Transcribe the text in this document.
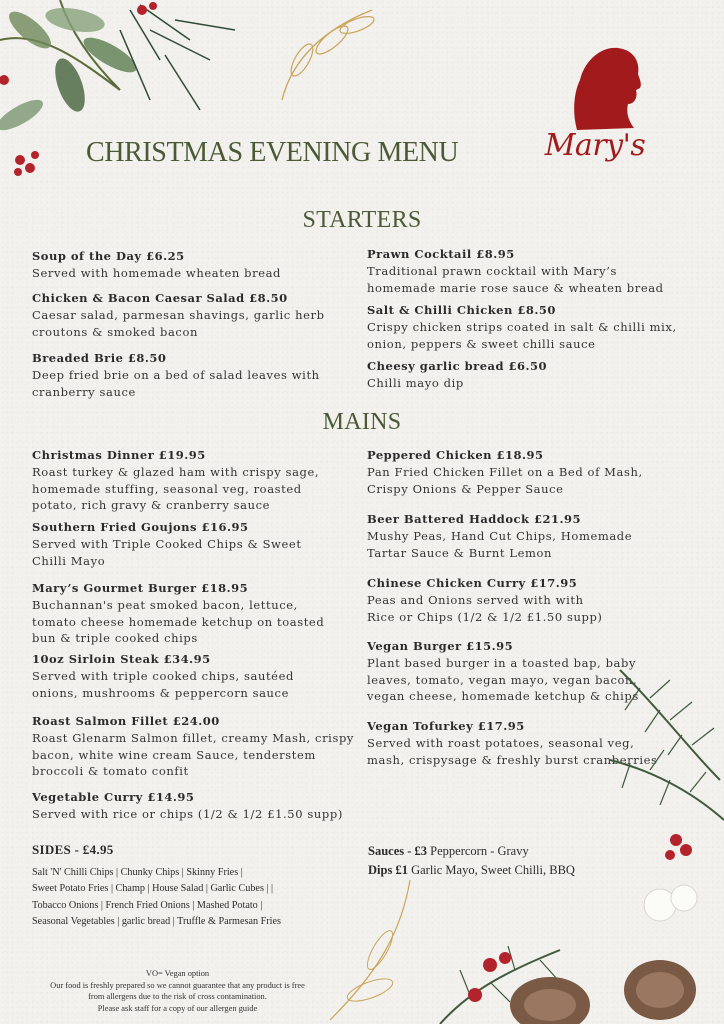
Mary's
CHRISTMAS EVENING MENU
STARTERS
Soup of the Day £6.25
Served with homemade wheaten bread
Chicken & Bacon Caesar Salad £8.50
Caesar salad, parmesan shavings, garlic herb croutons & smoked bacon
Breaded Brie £8.50
Deep fried brie on a bed of salad leaves with cranberry sauce
Prawn Cocktail £8.95
Traditional prawn cocktail with Mary’s homemade marie rose sauce & wheaten bread
Salt & Chilli Chicken £8.50
Crispy chicken strips coated in salt & chilli mix, onion, peppers & sweet chilli sauce
Cheesy garlic bread £6.50
Chilli mayo dip
MAINS
Christmas Dinner £19.95
Roast turkey & glazed ham with crispy sage, homemade stuffing, seasonal veg, roasted potato, rich gravy & cranberry sauce
Southern Fried Goujons £16.95
Served with Triple Cooked Chips & Sweet Chilli Mayo
Mary’s Gourmet Burger £18.95
Buchannan's peat smoked bacon, lettuce, tomato cheese homemade ketchup on toasted bun & triple cooked chips
10oz Sirloin Steak £34.95
Served with triple cooked chips, sautéed onions, mushrooms & peppercorn sauce
Roast Salmon Fillet £24.00
Roast Glenarm Salmon fillet, creamy Mash, crispy bacon, white wine cream Sauce, tenderstem broccoli & tomato confit
Vegetable Curry £14.95
Served with rice or chips (1/2 & 1/2 £1.50 supp)
Peppered Chicken £18.95
Pan Fried Chicken Fillet on a Bed of Mash, Crispy Onions & Pepper Sauce
Beer Battered Haddock £21.95
Mushy Peas, Hand Cut Chips, Homemade Tartar Sauce & Burnt Lemon
Chinese Chicken Curry £17.95
Peas and Onions served with with Rice or Chips (1/2 & 1/2 £1.50 supp)
Vegan Burger £15.95
Plant based burger in a toasted bap, baby leaves, tomato, vegan mayo, vegan bacon, vegan cheese, homemade ketchup & chips
Vegan Tofurkey £17.95
Served with roast potatoes, seasonal veg, mash, crispysage & freshly burst cranberries
SIDES - £4.95
Salt 'N' Chilli Chips | Chunky Chips | Skinny Fries |
Sweet Potato Fries | Champ | House Salad | Garlic Cubes | |
Tobacco Onions | French Fried Onions | Mashed Potato |
Seasonal Vegetables | garlic bread | Truffle & Parmesan Fries
Sauces - £3 Peppercorn - Gravy
Dips £1 Garlic Mayo, Sweet Chilli, BBQ
VO= Vegan option
Our food is freshly prepared so we cannot guarantee that any product is free
from allergens due to the risk of cross contamination.
Please ask staff for a copy of our allergen guide
